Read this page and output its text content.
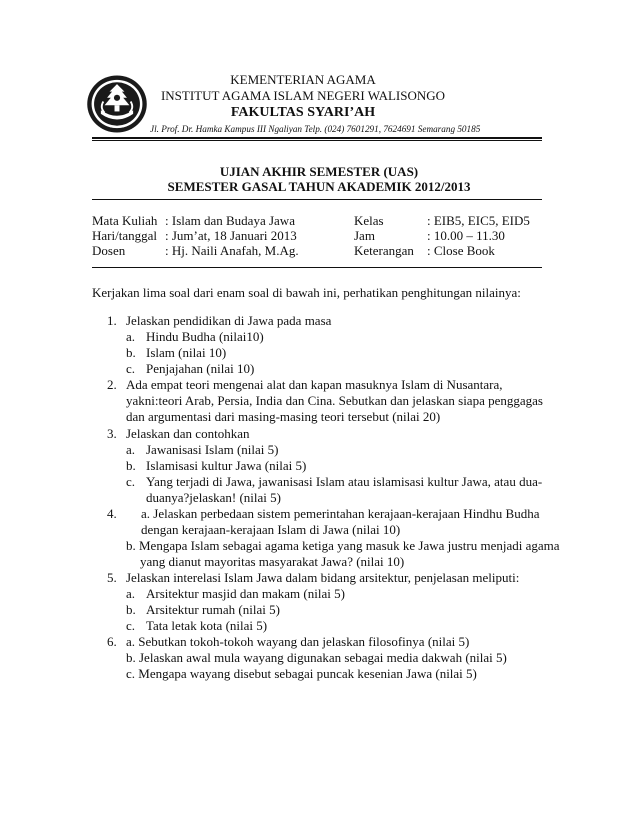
KEMENTERIAN AGAMA
INSTITUT AGAMA ISLAM NEGERI WALISONGO
FAKULTAS SYARI’AH
Jl. Prof. Dr. Hamka Kampus III Ngaliyan Telp. (024) 7601291, 7624691 Semarang 50185
UJIAN AKHIR SEMESTER (UAS)
SEMESTER GASAL TAHUN AKADEMIK 2012/2013
Mata Kuliah : Islam dan Budaya Jawa	Kelas	: EIB5, EIC5, EID5
Hari/tanggal : Jum’at, 18 Januari 2013	Jam	: 10.00 – 11.30
Dosen	: Hj. Naili Anafah, M.Ag.	Keterangan : Close Book
Kerjakan lima soal dari enam soal di bawah ini, perhatikan penghitungan nilainya:
1. Jelaskan pendidikan di Jawa pada masa
a. Hindu Budha (nilai10)
b. Islam (nilai 10)
c. Penjajahan (nilai 10)
2. Ada empat teori mengenai alat dan kapan masuknya Islam di Nusantara,
yakni:teori Arab, Persia, India dan Cina. Sebutkan dan jelaskan siapa penggagas
dan argumentasi dari masing-masing teori tersebut (nilai 20)
3. Jelaskan dan contohkan
a. Jawanisasi Islam (nilai 5)
b. Islamisasi kultur Jawa (nilai 5)
c. Yang terjadi di Jawa, jawanisasi Islam atau islamisasi kultur Jawa, atau dua-
duanya?jelaskan! (nilai 5)
4. a. Jelaskan perbedaan sistem pemerintahan kerajaan-kerajaan Hindhu Budha
dengan kerajaan-kerajaan Islam di Jawa (nilai 10)
b. Mengapa Islam sebagai agama ketiga yang masuk ke Jawa justru menjadi agama
yang dianut mayoritas masyarakat Jawa? (nilai 10)
5. Jelaskan interelasi Islam Jawa dalam bidang arsitektur, penjelasan meliputi:
a. Arsitektur masjid dan makam (nilai 5)
b. Arsitektur rumah (nilai 5)
c. Tata letak kota (nilai 5)
6. a. Sebutkan tokoh-tokoh wayang dan jelaskan filosofinya (nilai 5)
b. Jelaskan awal mula wayang digunakan sebagai media dakwah (nilai 5)
c. Mengapa wayang disebut sebagai puncak kesenian Jawa (nilai 5)
